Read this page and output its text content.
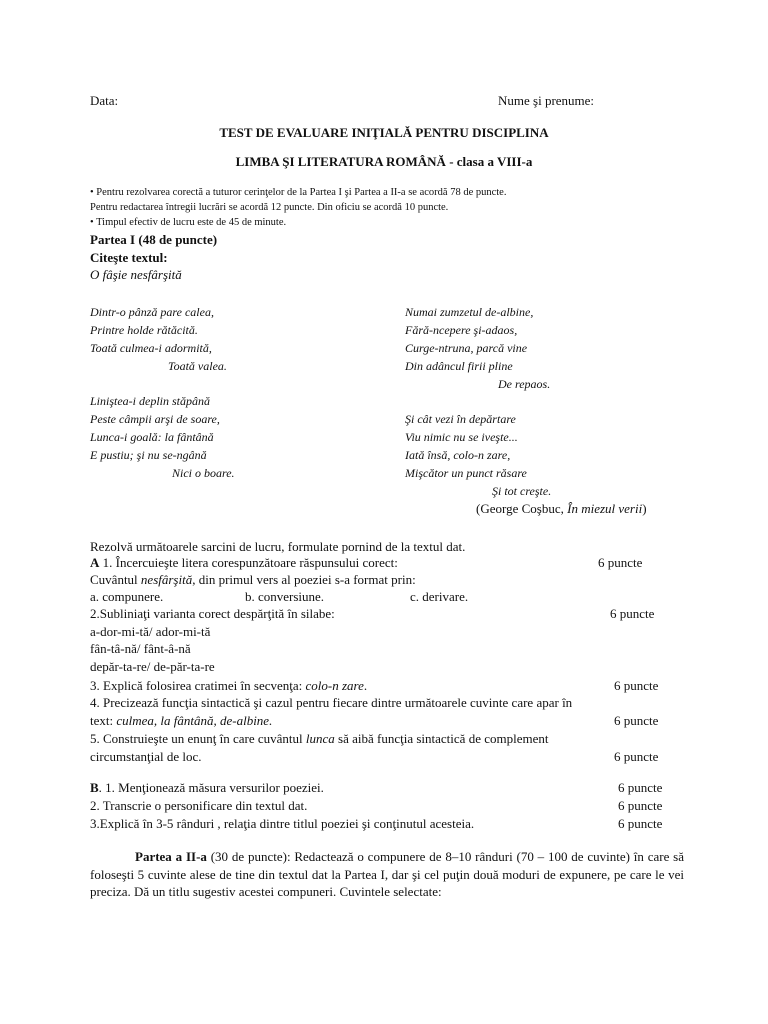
Data:	Nume şi prenume:
TEST DE EVALUARE INIŢIALĂ PENTRU DISCIPLINA
LIMBA ŞI LITERATURA ROMÂNĂ - clasa a VIII-a
• Pentru rezolvarea corectă a tuturor cerinţelor de la Partea I şi Partea a II-a se acordă 78 de puncte.
Pentru redactarea întregii lucrări se acordă 12 puncte. Din oficiu se acordă 10 puncte.
• Timpul efectiv de lucru este de 45 de minute.
Partea I (48 de puncte)
Citeşte textul:
O fâşie nesfârşită
Dintr-o pânză pare calea,
Printre holde rătăcită.
Toată culmea-i adormită,
Toată valea.
Liniştea-i deplin stăpână
Peste câmpii arşi de soare,
Lunca-i goală: la fântână
E pustiu; şi nu se-ngână
Nici o boare.
Numai zumzetul de-albine,
Fără-ncepere şi-adaos,
Curge-ntruna, parcă vine
Din adâncul firii pline
De repaos.
Şi cât vezi în depărtare
Viu nimic nu se iveşte...
Iată însă, colo-n zare,
Mişcător un punct răsare
Şi tot creşte.
(George Coşbuc, În miezul verii)
Rezolvă următoarele sarcini de lucru, formulate pornind de la textul dat.
A 1. Încercuieşte litera corespunzătoare răspunsului corect:	6 puncte
Cuvântul nesfârşită, din primul vers al poeziei s-a format prin:
a. compunere.	b. conversiune.	c. derivare.
2.Subliniaţi varianta corect despărţită în silabe:	6 puncte
a-dor-mi-tă/ ador-mi-tă
fân-tâ-nă/ fânt-â-nă
depăr-ta-re/ de-păr-ta-re
3. Explică folosirea cratimei în secvenţa: colo-n zare.	6 puncte
4. Precizează funcţia sintactică şi cazul pentru fiecare dintre următoarele cuvinte care apar în
text: culmea, la fântână, de-albine.	6 puncte
5. Construieşte un enunţ în care cuvântul lunca să aibă funcţia sintactică de complement
circumstanţial de loc.	6 puncte
B. 1. Menţionează măsura versurilor poeziei.	6 puncte
2. Transcrie o personificare din textul dat.	6 puncte
3.Explică în 3-5 rânduri , relaţia dintre titlul poeziei şi conţinutul acesteia.	6 puncte
Partea a II-a (30 de puncte): Redactează o compunere de 8–10 rânduri (70 – 100 de cuvinte) în care să foloseşti 5 cuvinte alese de tine din textul dat la Partea I, dar şi cel puţin două moduri de expunere, pe care le vei preciza. Dă un titlu sugestiv acestei compuneri. Cuvintele selectate:
